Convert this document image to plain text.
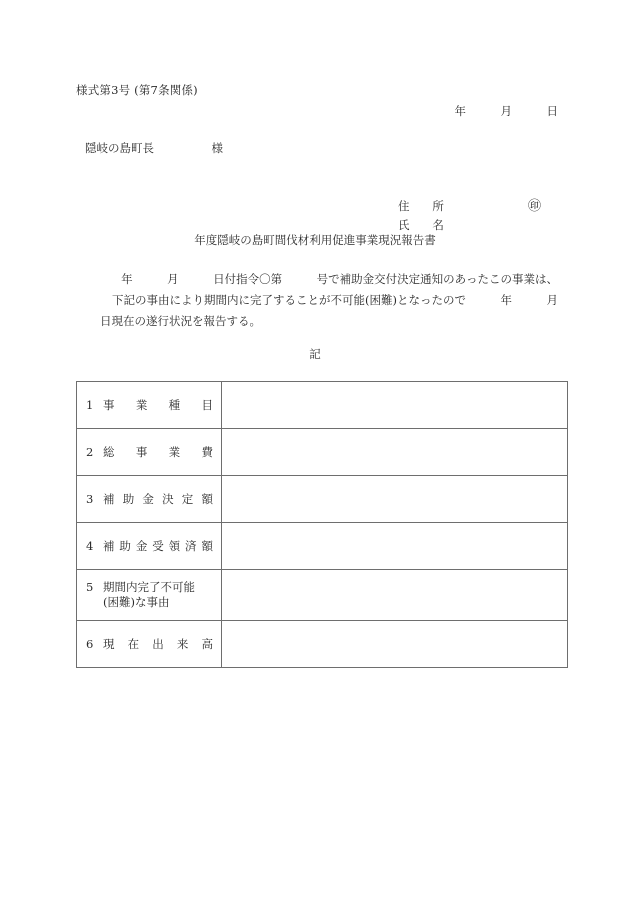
様式第3号 (第7条関係)
年　　　月　　　日
隠岐の島町長　　　　　様

住　　所

氏　　名

㊞

年度隠岐の島町間伐材利用促進事業現況報告書
年　　　月　　　日付指令〇第　　　号で補助金交付決定通知のあったこの事業は、
下記の事由により期間内に完了することが不可能(困難)となったので　　　年　　　月
日現在の遂行状況を報告する。
記
1 事 業 種 目	

2 総 事 業 費	

3 補 助 金 決 定 額

4 補 助 金 受 領 済 額

5 期間内完了不可能
(困難)な事由	

6 現 在 出 来 高
